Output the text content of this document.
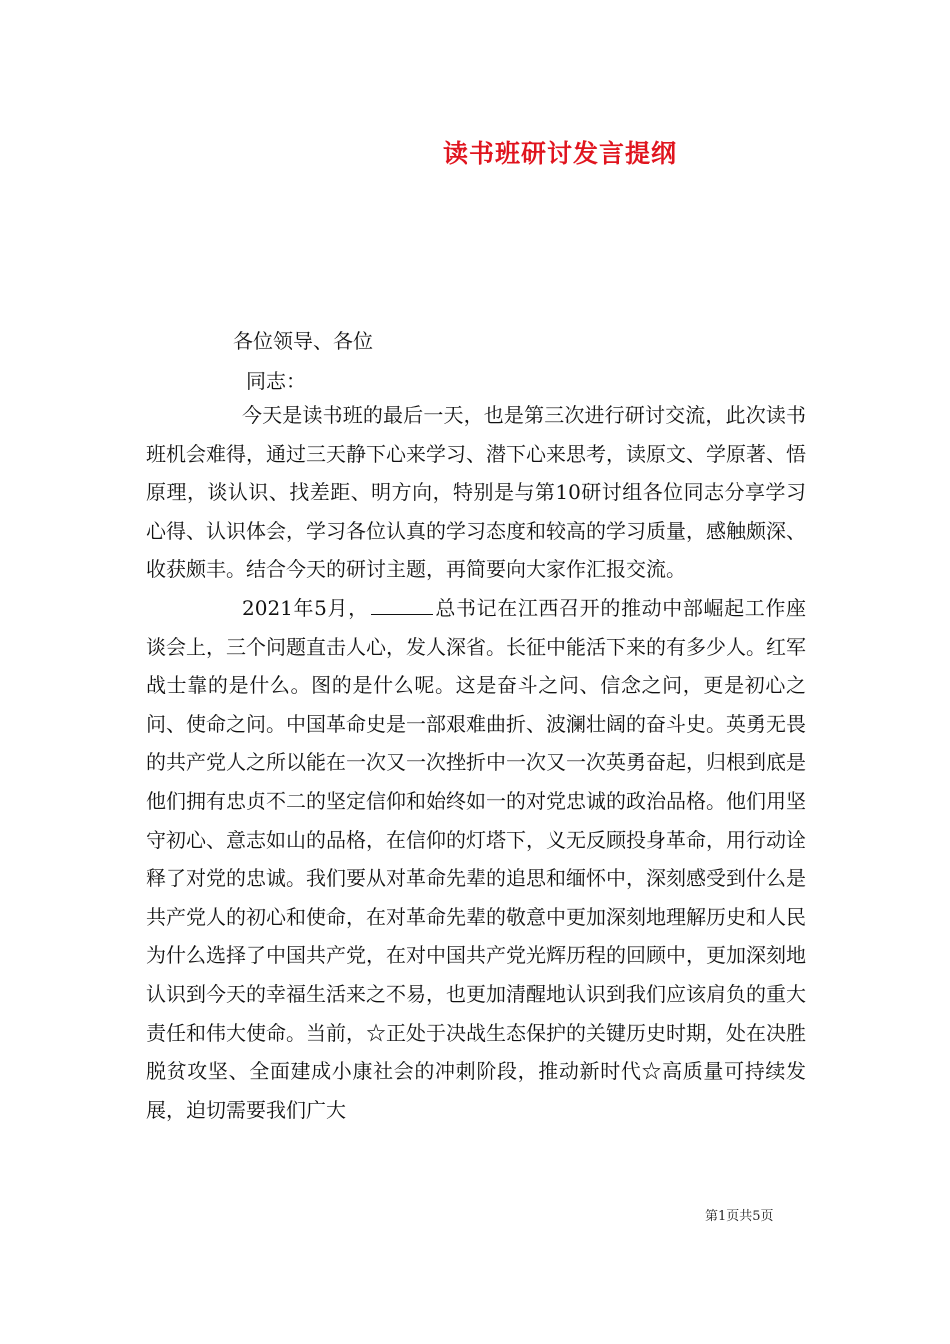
读书班研讨发言提纲
各位领导、各位
同志：

今天是读书班的最后一天，也是第三次进行研讨交流，此次读书班机会难得，通过三天静下心来学习、潜下心来思考，读原文、学原著、悟原理，谈认识、找差距、明方向，特别是与第10研讨组各位同志分享学习心得、认识体会，学习各位认真的学习态度和较高的学习质量，感触颇深、收获颇丰。结合今天的研讨主题，再简要向大家作汇报交流。

2021年5月，	总书记在江西召开的推动中部崛起工作座谈会上，三个问题直击人心，发人深省。长征中能活下来的有多少人。红军战士靠的是什么。图的是什么呢。这是奋斗之问、信念之问，更是初心之问、使命之问。中国革命史是一部艰难曲折、波澜壮阔的奋斗史。英勇无畏的共产党人之所以能在一次又一次挫折中一次又一次英勇奋起，归根到底是他们拥有忠贞不二的坚定信仰和始终如一的对党忠诚的政治品格。他们用坚守初心、意志如山的品格，在信仰的灯塔下，义无反顾投身革命，用行动诠释了对党的忠诚。我们要从对革命先辈的追思和缅怀中，深刻感受到什么是共产党人的初心和使命，在对革命先辈的敬意中更加深刻地理解历史和人民为什么选择了中国共产党，在对中国共产党光辉历程的回顾中，更加深刻地认识到今天的幸福生活来之不易，也更加清醒地认识到我们应该肩负的重大责任和伟大使命。当前，☆正处于决战生态保护的关键历史时期，处在决胜脱贫攻坚、全面建成小康社会的冲刺阶段，推动新时代☆高质量可持续发展，迫切需要我们广大

第1页共5页
